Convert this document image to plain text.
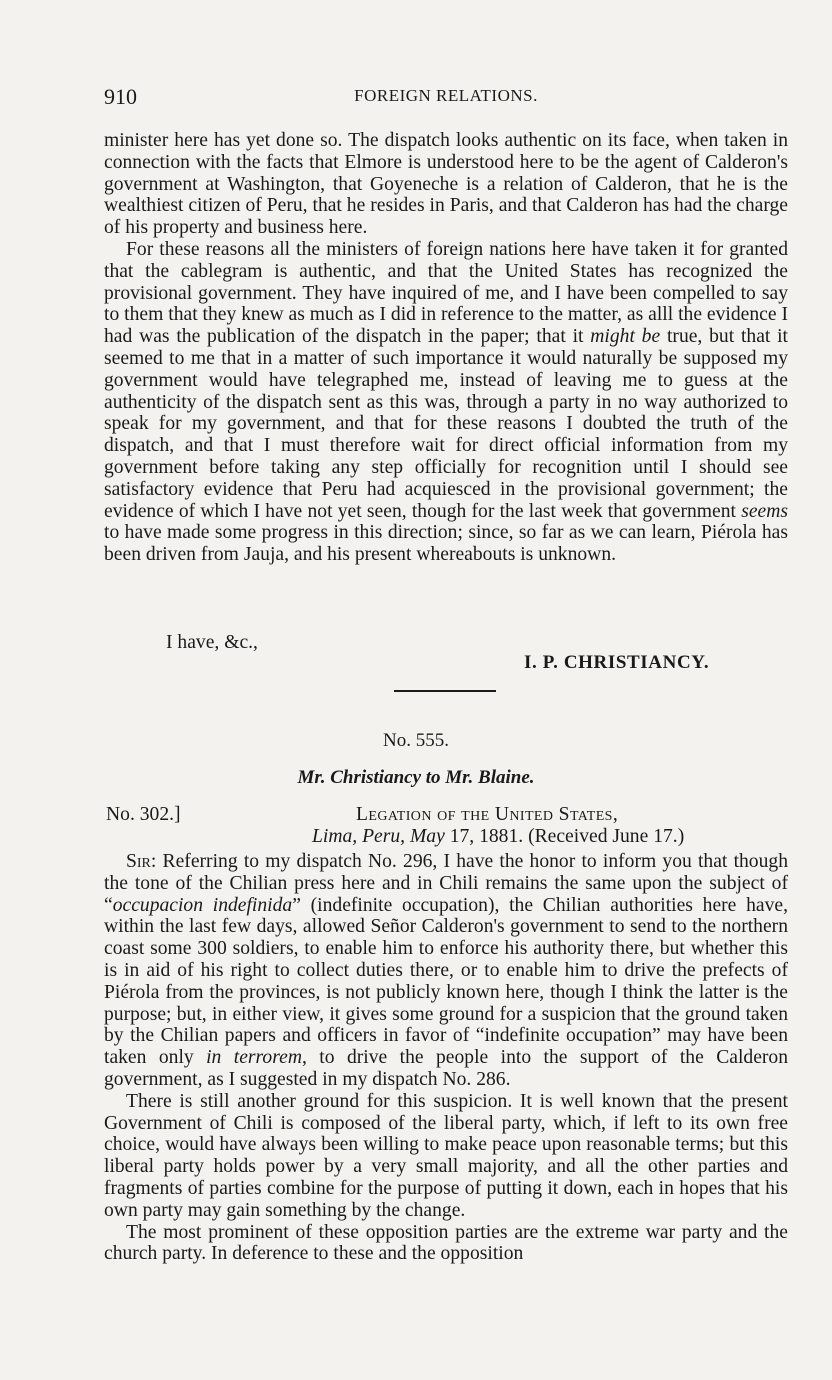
910	FOREIGN RELATIONS.

minister here has yet done so. The dispatch looks authentic on its face, when taken in connection with the facts that Elmore is understood here to be the agent of Calderon's government at Washington, that Goyeneche is a relation of Calderon, that he is the wealthiest citizen of Peru, that he resides in Paris, and that Calderon has had the charge of his property and business here.

For these reasons all the ministers of foreign nations here have taken it for granted that the cablegram is authentic, and that the United States has recognized the provisional government. They have inquired of me, and I have been compelled to say to them that they knew as much as I did in reference to the matter, as alll the evidence I had was the publication of the dispatch in the paper; that it might be true, but that it seemed to me that in a matter of such importance it would naturally be supposed my government would have telegraphed me, instead of leaving me to guess at the authenticity of the dispatch sent as this was, through a party in no way authorized to speak for my government, and that for these reasons I doubted the truth of the dispatch, and that I must therefore wait for direct official information from my government before taking any step officially for recognition until I should see satisfactory evidence that Peru had acquiesced in the provisional government; the evidence of which I have not yet seen, though for the last week that government seems to have made some progress in this direction; since, so far as we can learn, Piérola has been driven from Jauja, and his present whereabouts is unknown.

I have, &c.,
I. P. CHRISTIANCY.
No. 555.
Mr. Christiancy to Mr. Blaine.
No. 302.]	Legation of the United States,
Lima, Peru, May 17, 1881. (Received June 17.)

Sir: Referring to my dispatch No. 296, I have the honor to inform you that though the tone of the Chilian press here and in Chili remains the same upon the subject of “occupacion indefinida” (indefinite occupation), the Chilian authorities here have, within the last few days, allowed Señor Calderon's government to send to the northern coast some 300 soldiers, to enable him to enforce his authority there, but whether this is in aid of his right to collect duties there, or to enable him to drive the prefects of Piérola from the provinces, is not publicly known here, though I think the latter is the purpose; but, in either view, it gives some ground for a suspicion that the ground taken by the Chilian papers and officers in favor of “indefinite occupation” may have been taken only in terrorem, to drive the people into the support of the Calderon government, as I suggested in my dispatch No. 286.

There is still another ground for this suspicion. It is well known that the present Government of Chili is composed of the liberal party, which, if left to its own free choice, would have always been willing to make peace upon reasonable terms; but this liberal party holds power by a very small majority, and all the other parties and fragments of parties combine for the purpose of putting it down, each in hopes that his own party may gain something by the change.

The most prominent of these opposition parties are the extreme war party and the church party. In deference to these and the opposition
